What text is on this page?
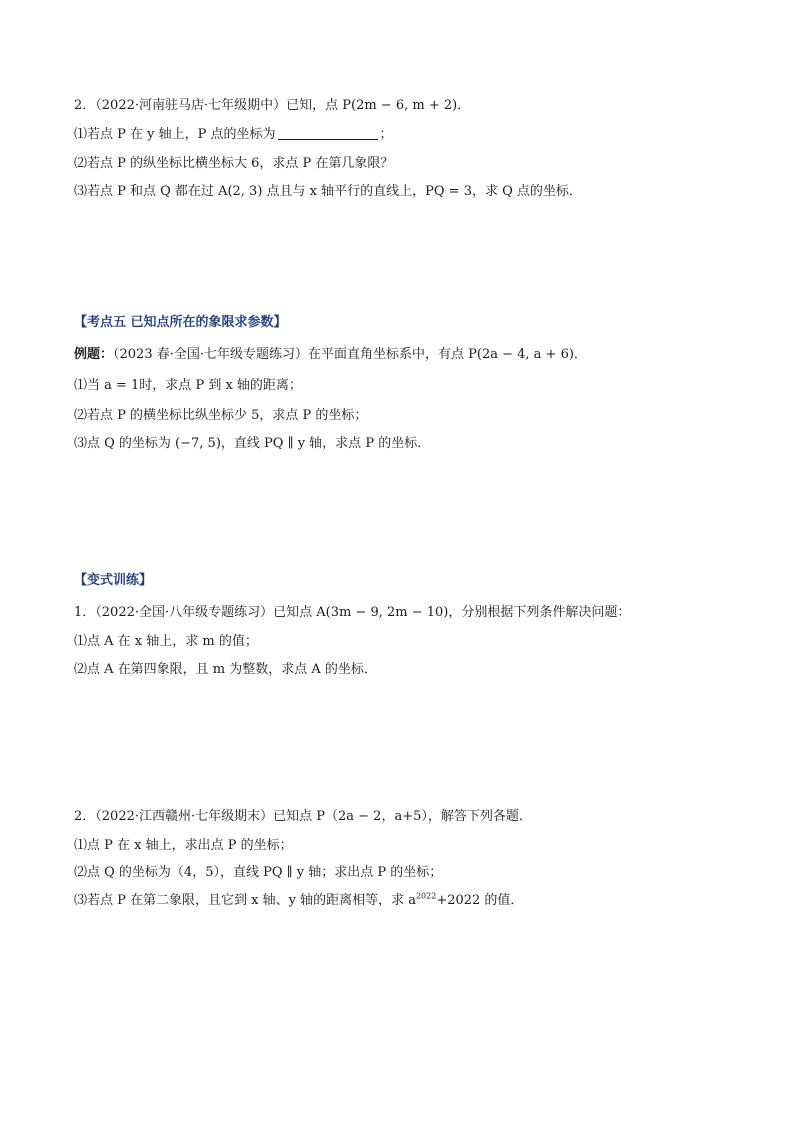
2．（2022·河南驻马店·七年级期中）已知，点 P(2m − 6, m + 2)．
⑴若点 P 在 y 轴上，P 点的坐标为	；
⑵若点 P 的纵坐标比横坐标大 6，求点 P 在第几象限？
⑶若点 P 和点 Q 都在过 A(2, 3) 点且与 x 轴平行的直线上，PQ = 3，求 Q 点的坐标．
【考点五 已知点所在的象限求参数】
例题：（2023 春·全国·七年级专题练习）在平面直角坐标系中，有点 P(2a − 4, a + 6)．
⑴当 a = 1时，求点 P 到 x 轴的距离；
⑵若点 P 的横坐标比纵坐标少 5，求点 P 的坐标；
⑶点 Q 的坐标为 (−7, 5)，直线 PQ ∥ y 轴，求点 P 的坐标．
【变式训练】
1．（2022·全国·八年级专题练习）已知点 A(3m − 9, 2m − 10)，分别根据下列条件解决问题：
⑴点 A 在 x 轴上，求 m 的值；
⑵点 A 在第四象限，且 m 为整数，求点 A 的坐标．
2．（2022·江西赣州·七年级期末）已知点 P（2a − 2，a+5），解答下列各题．
⑴点 P 在 x 轴上，求出点 P 的坐标；
⑵点 Q 的坐标为（4，5），直线 PQ ∥ y 轴；求出点 P 的坐标；
⑶若点 P 在第二象限，且它到 x 轴、y 轴的距离相等，求 $a^{2022}+2022$ 的值．
